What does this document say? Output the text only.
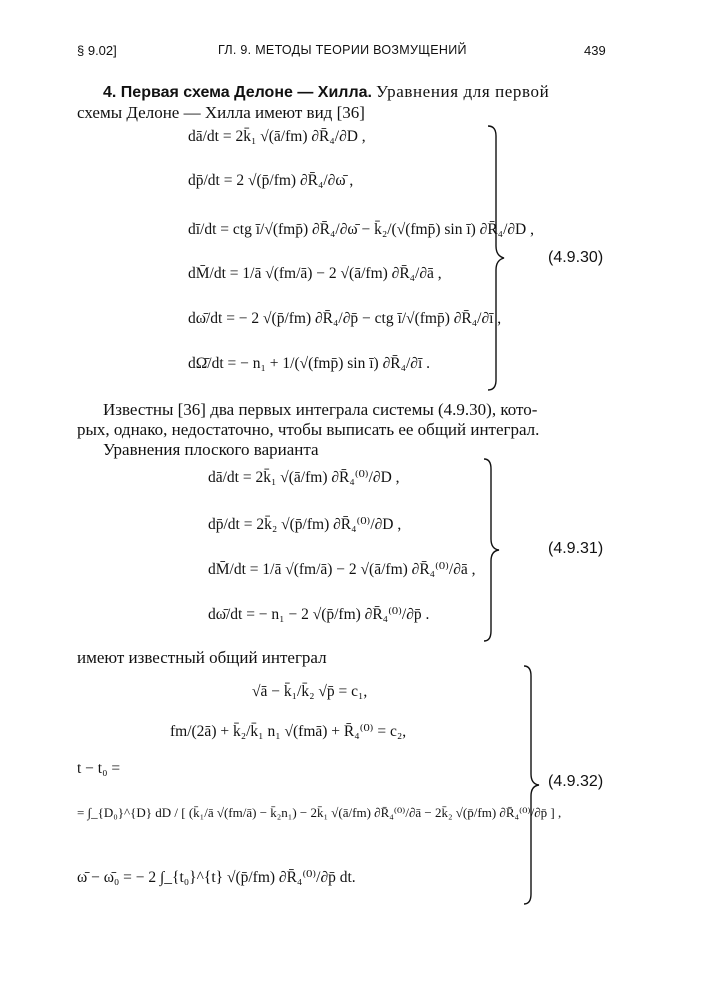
§ 9.02]	ГЛ. 9. МЕТОДЫ ТЕОРИИ ВОЗМУЩЕНИЙ	439
4. Первая схема Делоне — Хилла. Уравнения для первой
схемы Делоне — Хилла имеют вид [36]
dā/dt = 2k̄₁ √(ā/fm) ∂R̄₄/∂D ,
dp̄/dt = 2 √(p̄/fm) ∂R̄₄/∂ω̄ ,
dī/dt = ctg ī/√(fmp̄) ∂R̄₄/∂ω̄ − k̄₂/(√(fmp̄) sin ī) ∂R̄₄/∂D ,
dM̄/dt = 1/ā √(fm/ā) − 2 √(ā/fm) ∂R̄₄/∂ā ,
dω̄/dt = − 2 √(p̄/fm) ∂R̄₄/∂p̄ − ctg ī/√(fmp̄) ∂R̄₄/∂ī ,
dΩ̄/dt = − n₁ + 1/(√(fmp̄) sin ī) ∂R̄₄/∂ī .
(4.9.30)
Известны [36] два первых интеграла системы (4.9.30), кото-
рых, однако, недостаточно, чтобы выписать ее общий интеграл.
Уравнения плоского варианта
dā/dt = 2k̄₁ √(ā/fm) ∂R̄₄⁽⁰⁾/∂D ,
dp̄/dt = 2k̄₂ √(p̄/fm) ∂R̄₄⁽⁰⁾/∂D ,
dM̄/dt = 1/ā √(fm/ā) − 2 √(ā/fm) ∂R̄₄⁽⁰⁾/∂ā ,
dω̄/dt = − n₁ − 2 √(p̄/fm) ∂R̄₄⁽⁰⁾/∂p̄ .
(4.9.31)
имеют известный общий интеграл
√ā − k̄₁/k̄₂ √p̄ = c₁,
fm/(2ā) + k̄₂/k̄₁ n₁ √(fmā) + R̄₄⁽⁰⁾ = c₂,
t − t₀ =
= ∫_{D₀}^{D} dD / [ (k̄₁/ā √(fm/ā) − k̄₂n₁) − 2k̄₁ √(ā/fm) ∂R̄₄⁽⁰⁾/∂ā − 2k̄₂ √(p̄/fm) ∂R̄₄⁽⁰⁾/∂p̄ ] ,
ω̄ − ω̄₀ = − 2 ∫_{t₀}^{t} √(p̄/fm) ∂R̄₄⁽⁰⁾/∂p̄ dt.
(4.9.32)
